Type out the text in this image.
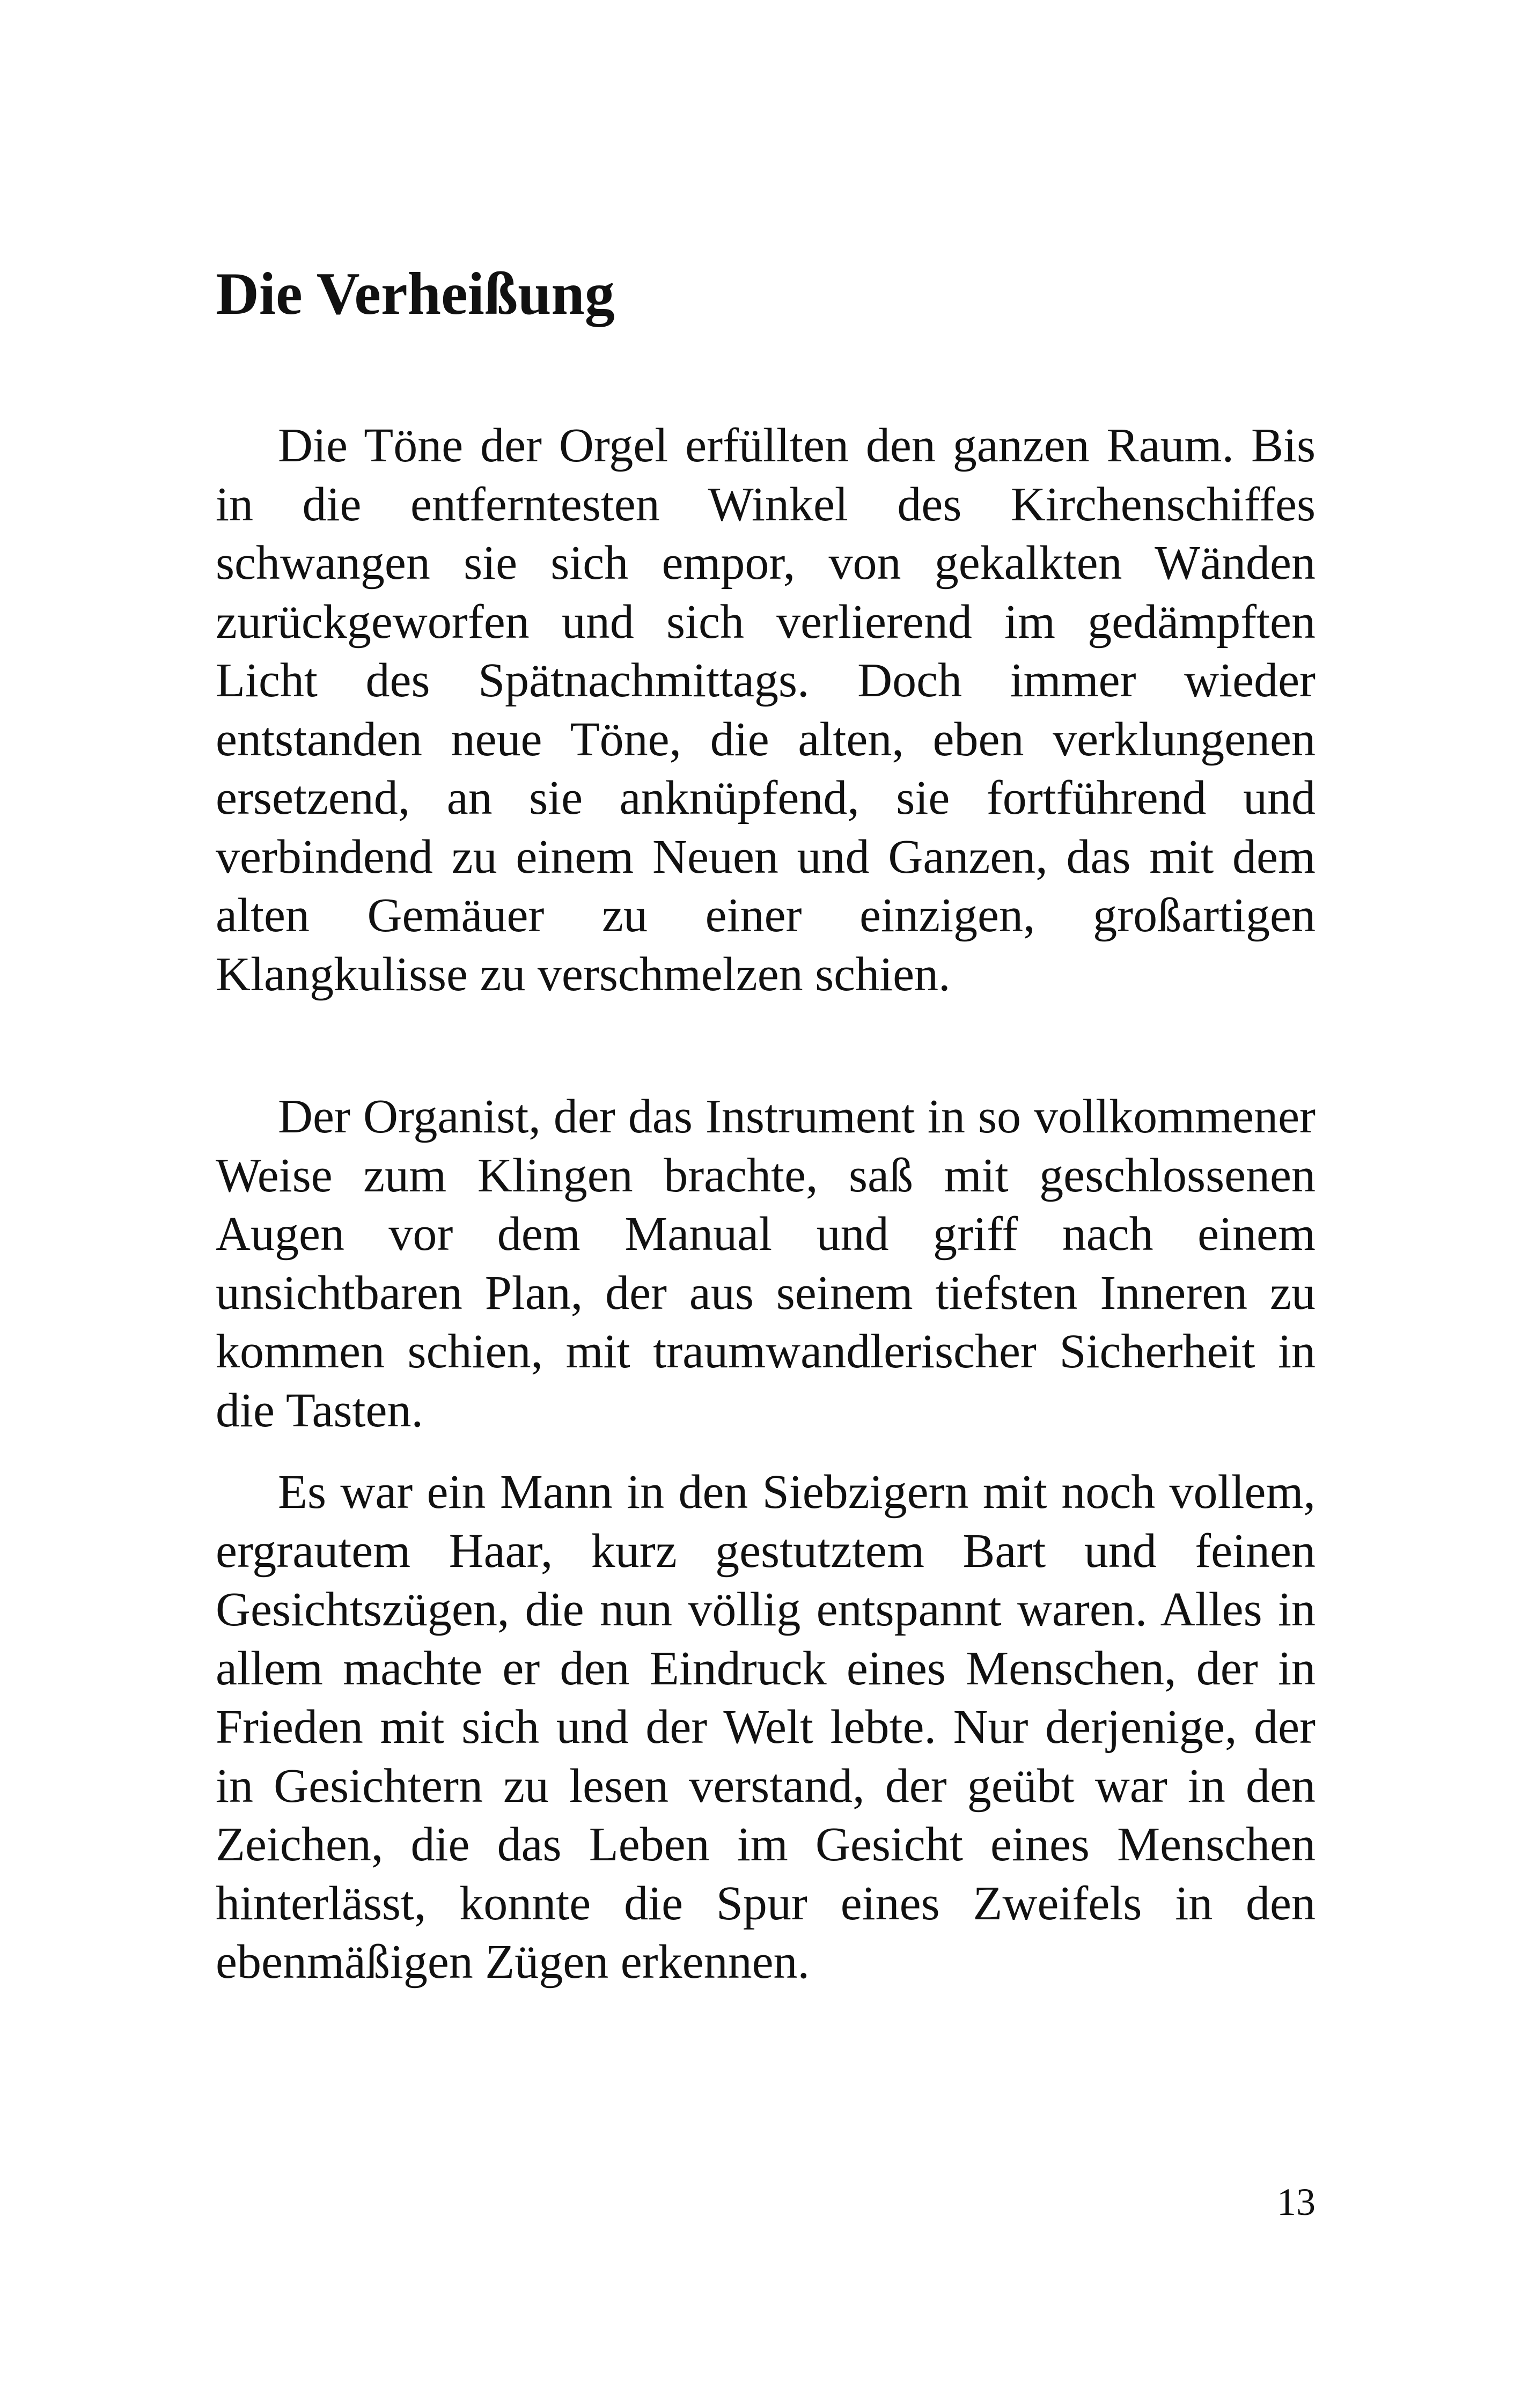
Die Verheißung

Die Töne der Orgel erfüllten den ganzen Raum. Bis in die entferntesten Winkel des Kirchenschiffes schwangen sie sich empor, von gekalkten Wänden zurückgeworfen und sich verlierend im gedämpften Licht des Spätnachmittags. Doch immer wieder entstanden neue Töne, die alten, eben verklungenen ersetzend, an sie anknüpfend, sie fortführend und verbindend zu einem Neuen und Ganzen, das mit dem alten Gemäuer zu einer einzigen, großartigen Klangkulisse zu verschmelzen schien.

Der Organist, der das Instrument in so vollkommener Weise zum Klingen brachte, saß mit geschlossenen Augen vor dem Manual und griff nach einem unsichtbaren Plan, der aus seinem tiefsten Inneren zu kommen schien, mit traumwandlerischer Sicherheit in die Tasten.

Es war ein Mann in den Siebzigern mit noch vollem, ergrautem Haar, kurz gestutztem Bart und feinen Gesichtszügen, die nun völlig entspannt waren. Alles in allem machte er den Eindruck eines Menschen, der in Frieden mit sich und der Welt lebte. Nur derjenige, der in Gesichtern zu lesen verstand, der geübt war in den Zeichen, die das Leben im Gesicht eines Menschen hinterlässt, konnte die Spur eines Zweifels in den ebenmäßigen Zügen erkennen.

13
